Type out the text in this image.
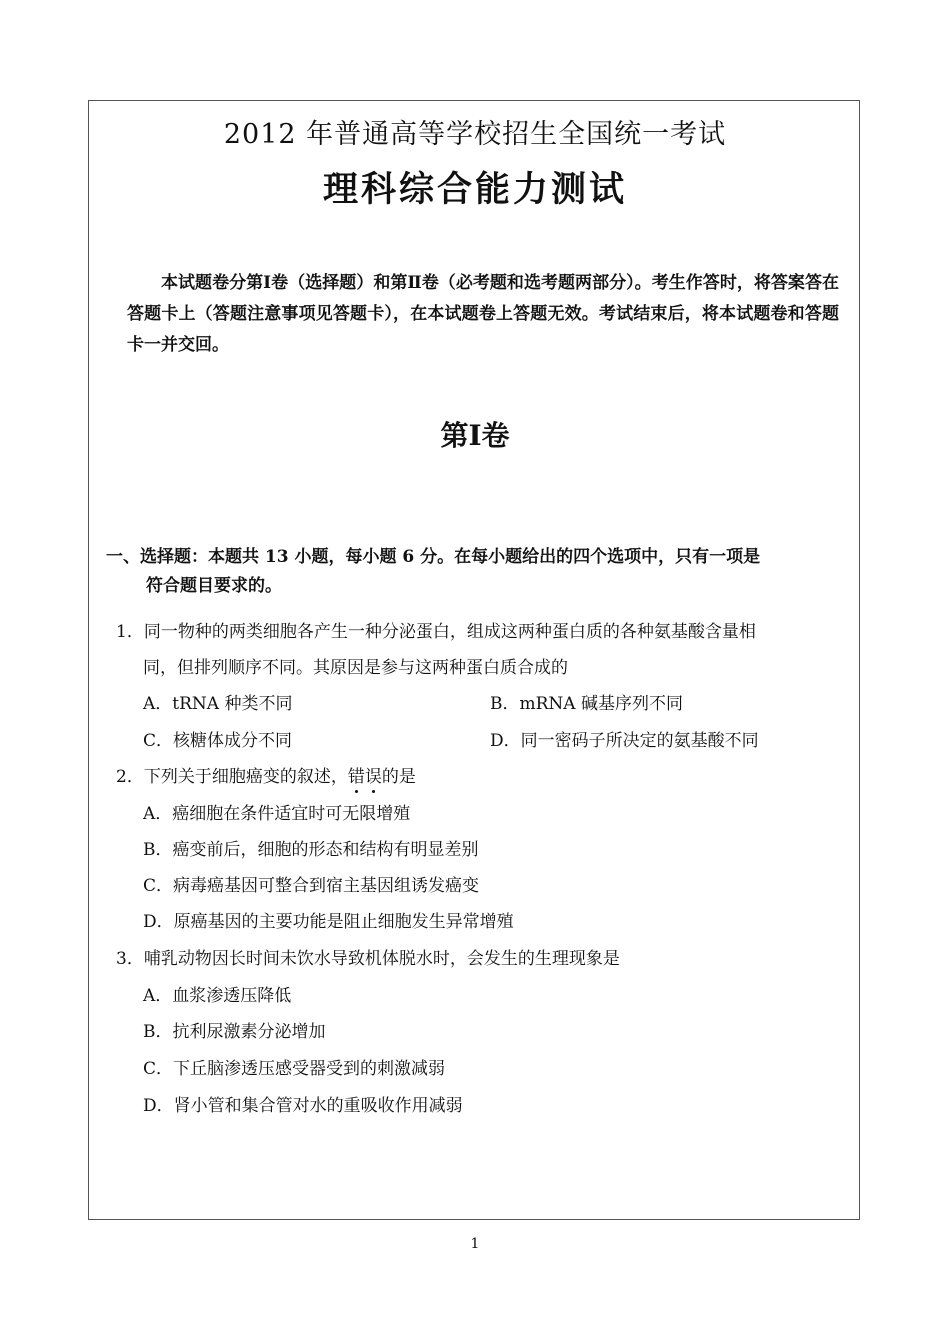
2012 年普通高等学校招生全国统一考试
理科综合能力测试
本试题卷分第Ⅰ卷（选择题）和第Ⅱ卷（必考题和选考题两部分）。考生作答时，将答案答在答题卡上（答题注意事项见答题卡），在本试题卷上答题无效。考试结束后，将本试题卷和答题卡一并交回。
第Ⅰ卷
一、选择题：本题共 13 小题，每小题 6 分。在每小题给出的四个选项中，只有一项是
符合题目要求的。
1．同一物种的两类细胞各产生一种分泌蛋白，组成这两种蛋白质的各种氨基酸含量相
同，但排列顺序不同。其原因是参与这两种蛋白质合成的
A．tRNA 种类不同	B．mRNA 碱基序列不同
C．核糖体成分不同	D．同一密码子所决定的氨基酸不同
2．下列关于细胞癌变的叙述，错
误
的是
A．癌细胞在条件适宜时可无限增殖
B．癌变前后，细胞的形态和结构有明显差别
C．病毒癌基因可整合到宿主基因组诱发癌变
D．原癌基因的主要功能是阻止细胞发生异常增殖
3．哺乳动物因长时间未饮水导致机体脱水时，会发生的生理现象是
A．血浆渗透压降低
B．抗利尿激素分泌增加
C．下丘脑渗透压感受器受到的刺激减弱
D．肾小管和集合管对水的重吸收作用减弱
1
